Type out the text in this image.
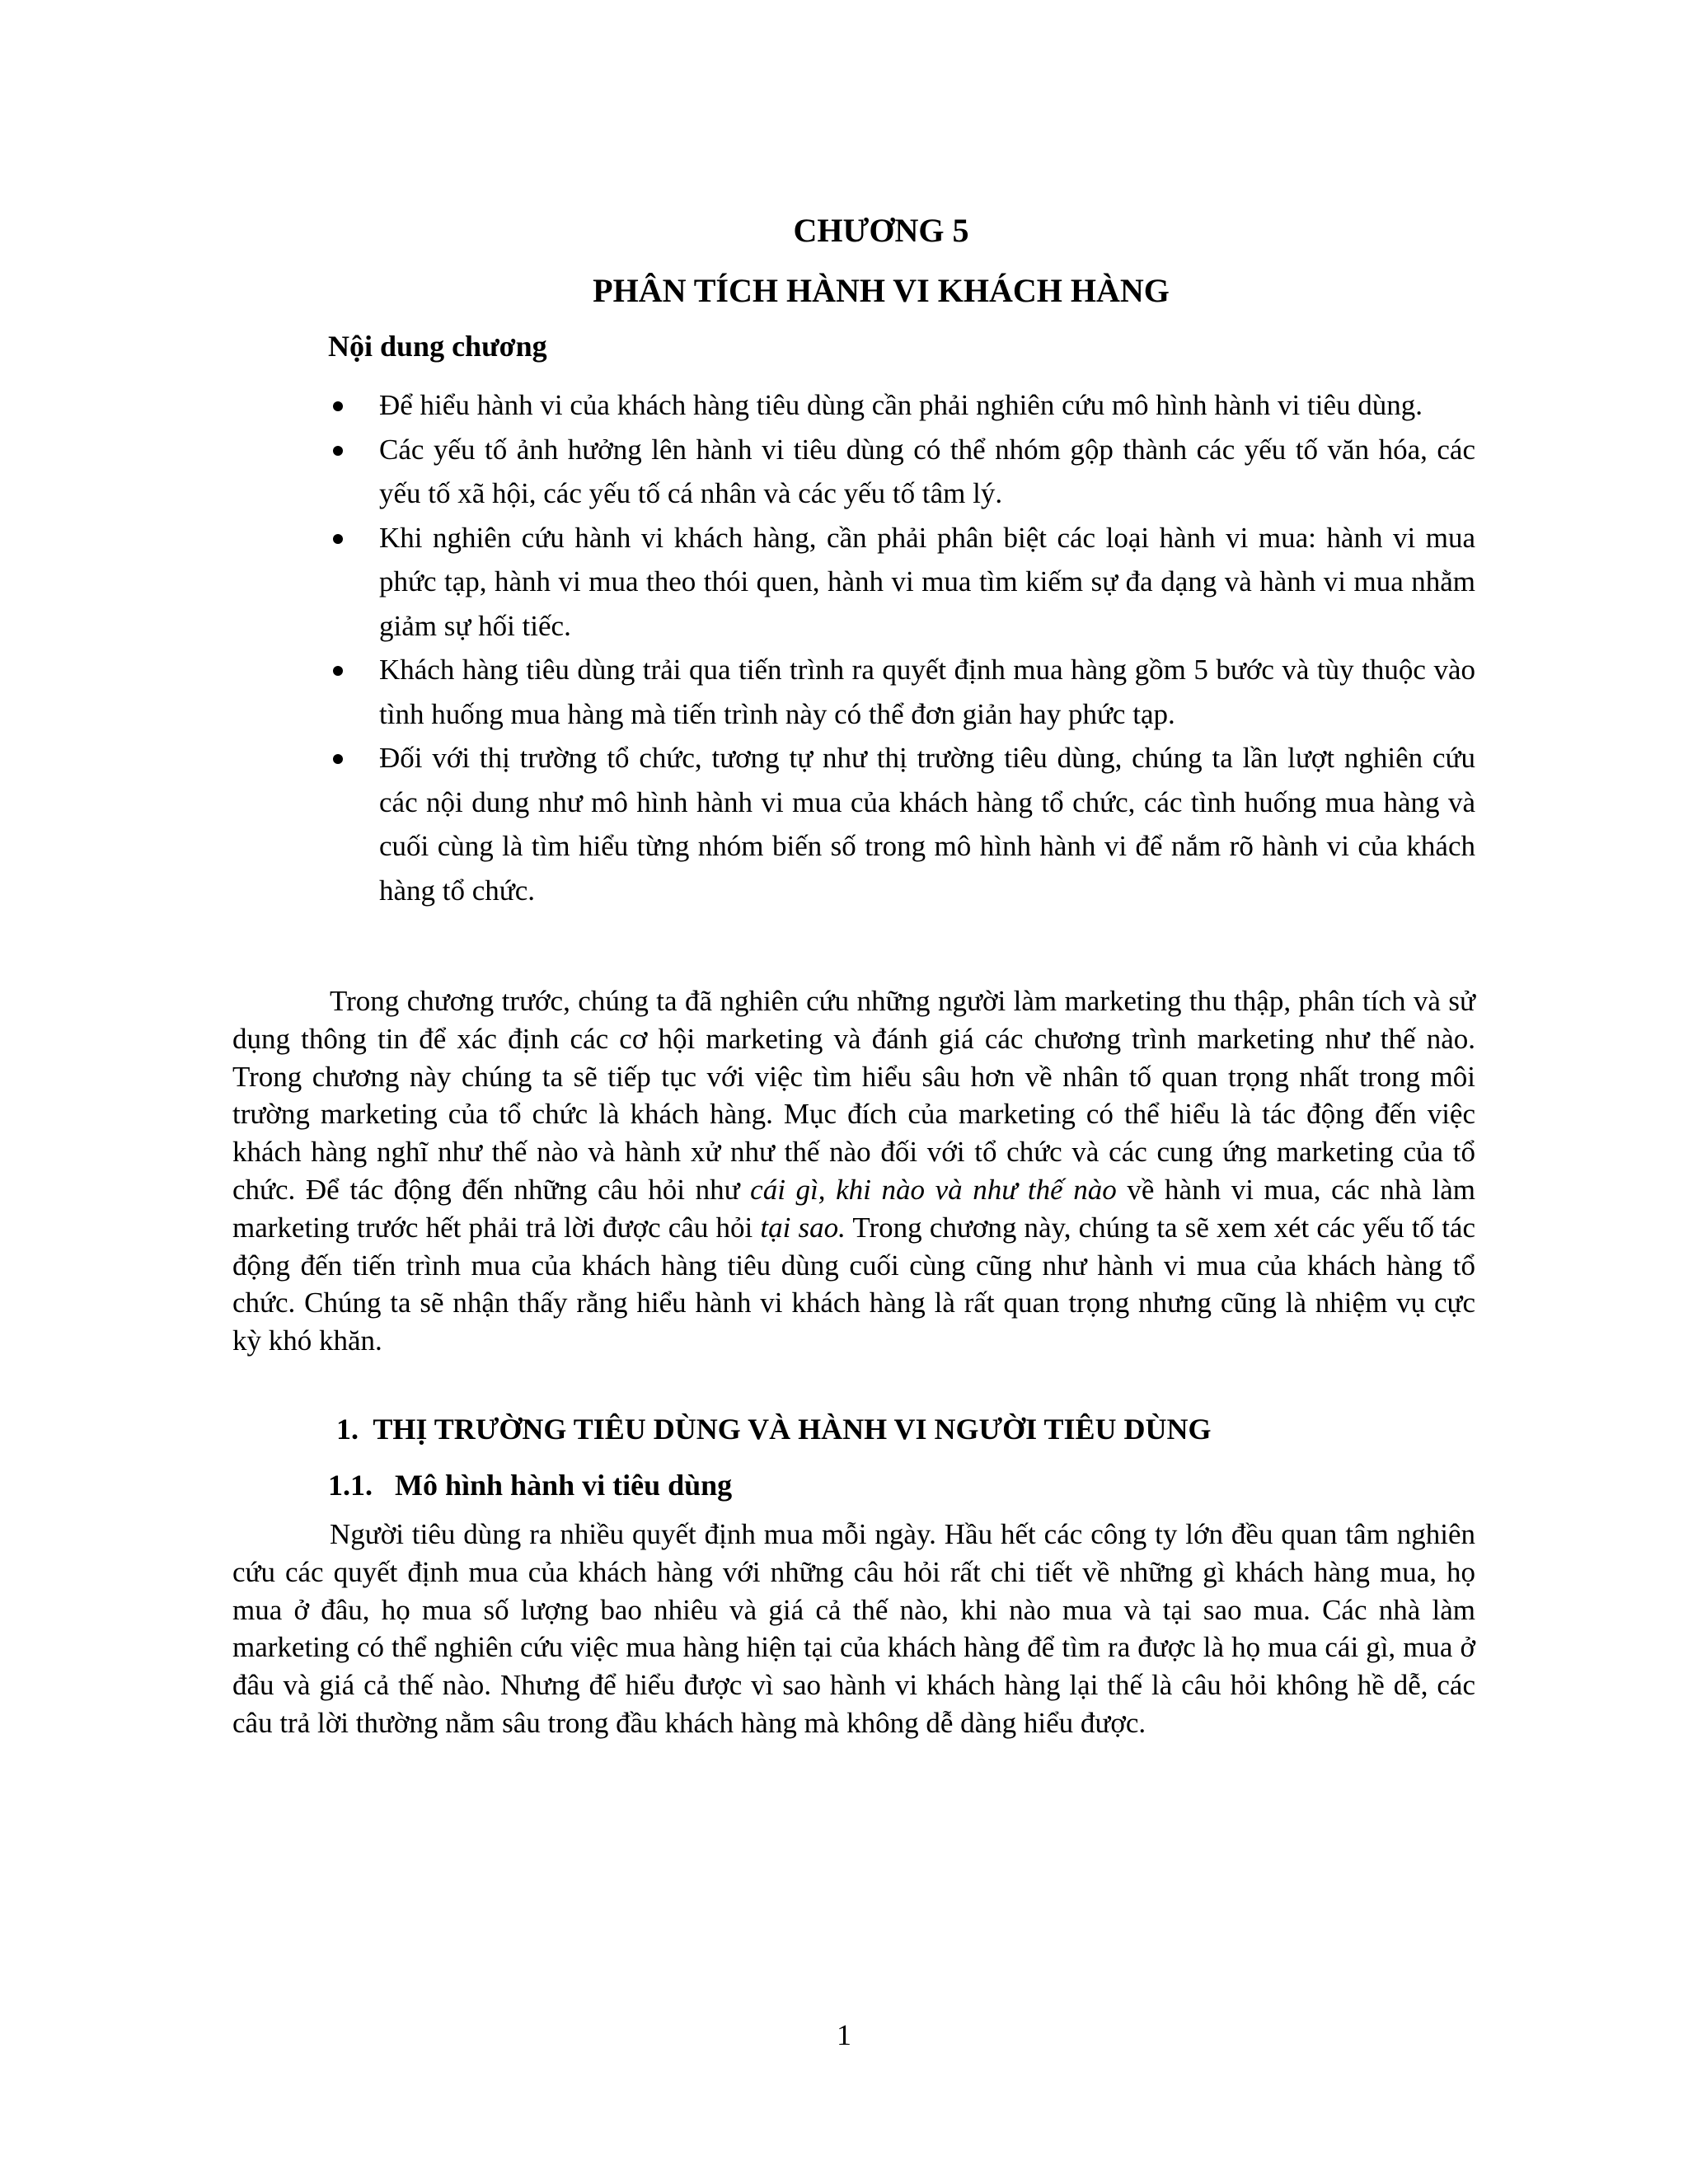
CHƯƠNG 5
PHÂN TÍCH HÀNH VI KHÁCH HÀNG
Nội dung chương
Để hiểu hành vi của khách hàng tiêu dùng cần phải nghiên cứu mô hình hành vi tiêu dùng.
Các yếu tố ảnh hưởng lên hành vi tiêu dùng có thể nhóm gộp thành các yếu tố văn hóa, các yếu tố xã hội, các yếu tố cá nhân và các yếu tố tâm lý.
Khi nghiên cứu hành vi khách hàng, cần phải phân biệt các loại hành vi mua: hành vi mua phức tạp, hành vi mua theo thói quen, hành vi mua tìm kiếm sự đa dạng và hành vi mua nhằm giảm sự hối tiếc.
Khách hàng tiêu dùng trải qua tiến trình ra quyết định mua hàng gồm 5 bước và tùy thuộc vào tình huống mua hàng mà tiến trình này có thể đơn giản hay phức tạp.
Đối với thị trường tổ chức, tương tự như thị trường tiêu dùng, chúng ta lần lượt nghiên cứu các nội dung như mô hình hành vi mua của khách hàng tổ chức, các tình huống mua hàng và cuối cùng là tìm hiểu từng nhóm biến số trong mô hình hành vi để nắm rõ hành vi của khách hàng tổ chức.

Trong chương trước, chúng ta đã nghiên cứu những người làm marketing thu thập, phân tích và sử dụng thông tin để xác định các cơ hội marketing và đánh giá các chương trình marketing như thế nào. Trong chương này chúng ta sẽ tiếp tục với việc tìm hiểu sâu hơn về nhân tố quan trọng nhất trong môi trường marketing của tổ chức là khách hàng. Mục đích của marketing có thể hiểu là tác động đến việc khách hàng nghĩ như thế nào và hành xử như thế nào đối với tổ chức và các cung ứng marketing của tổ chức. Để tác động đến những câu hỏi như cái gì, khi nào và như thế nào về hành vi mua, các nhà làm marketing trước hết phải trả lời được câu hỏi tại sao. Trong chương này, chúng ta sẽ xem xét các yếu tố tác động đến tiến trình mua của khách hàng tiêu dùng cuối cùng cũng như hành vi mua của khách hàng tổ chức. Chúng ta sẽ nhận thấy rằng hiểu hành vi khách hàng là rất quan trọng nhưng cũng là nhiệm vụ cực kỳ khó khăn.

1.  THỊ TRƯỜNG TIÊU DÙNG VÀ HÀNH VI NGƯỜI TIÊU DÙNG
1.1.   Mô hình hành vi tiêu dùng

Người tiêu dùng ra nhiều quyết định mua mỗi ngày. Hầu hết các công ty lớn đều quan tâm nghiên cứu các quyết định mua của khách hàng với những câu hỏi rất chi tiết về những gì khách hàng mua, họ mua ở đâu, họ mua số lượng bao nhiêu và giá cả thế nào, khi nào mua và tại sao mua. Các nhà làm marketing có thể nghiên cứu việc mua hàng hiện tại của khách hàng để tìm ra được là họ mua cái gì, mua ở đâu và giá cả thế nào. Nhưng để hiểu được vì sao hành vi khách hàng lại thế là câu hỏi không hề dễ, các câu trả lời thường nằm sâu trong đầu khách hàng mà không dễ dàng hiểu được.

1
